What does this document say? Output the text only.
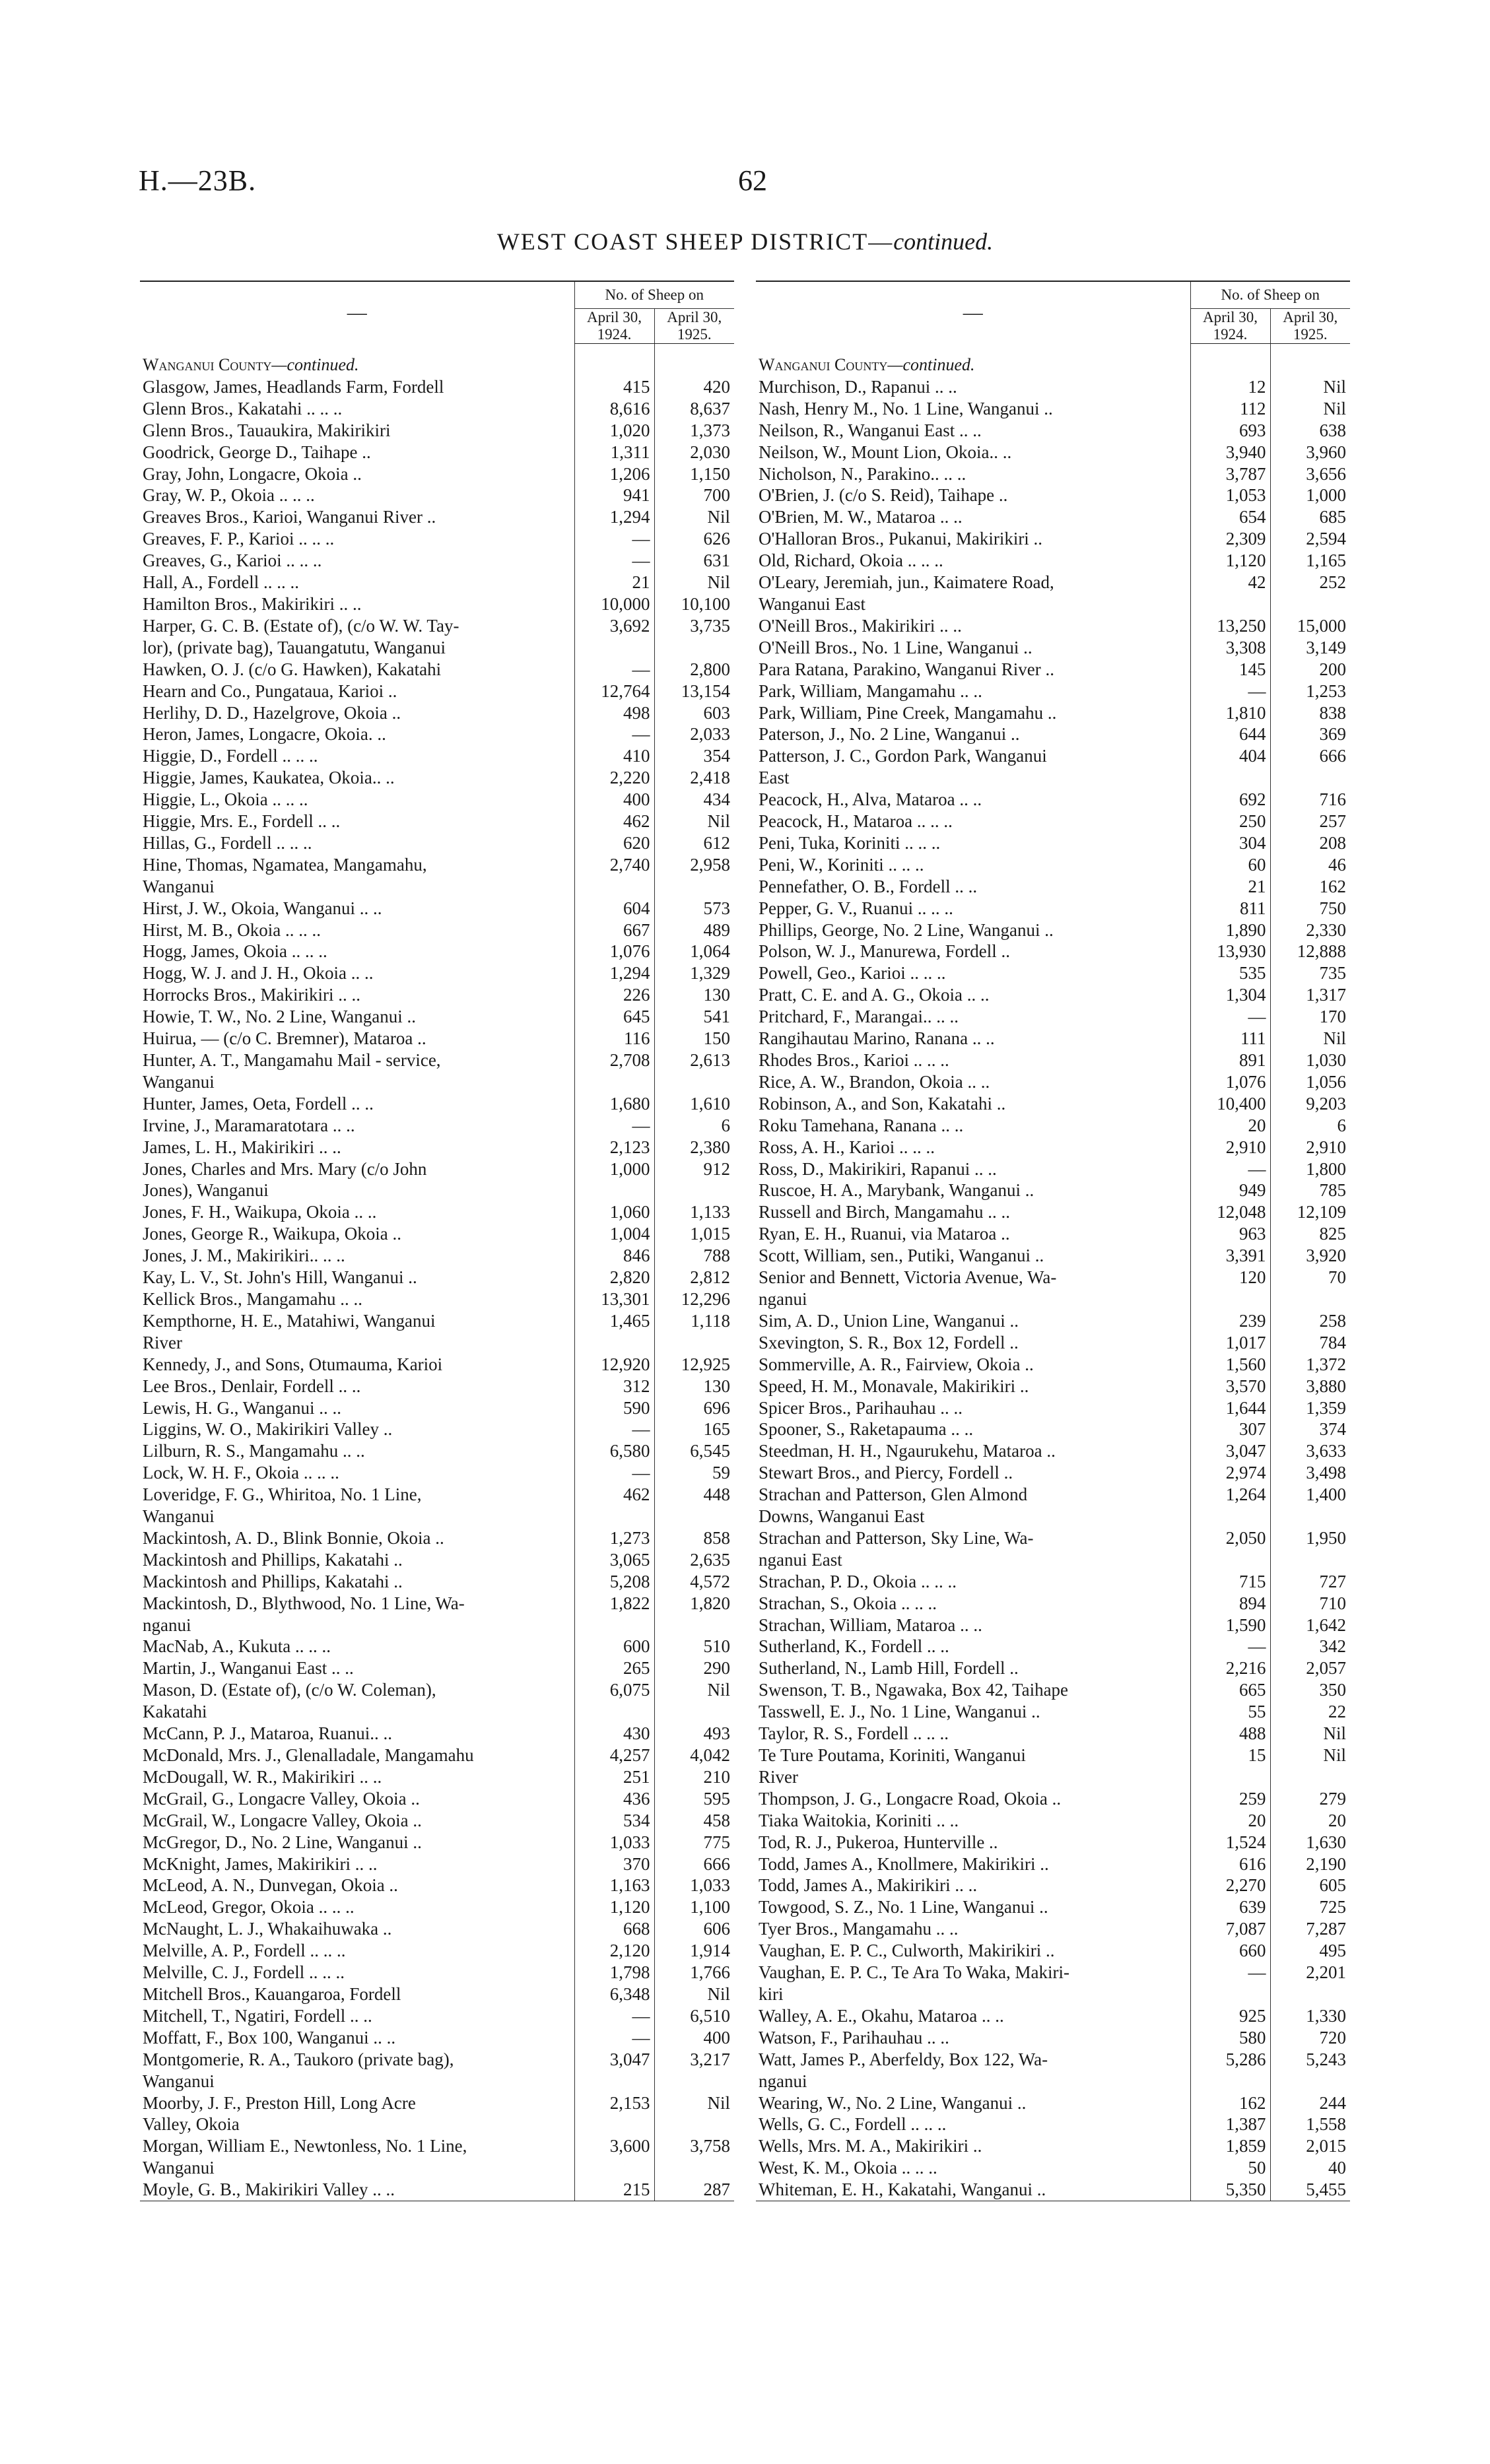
H.—23B.	62
WEST COAST SHEEP DISTRICT—continued.
—	No. of Sheep on	
	April 30, 1924.	April 30, 1925.

Wanganui County—continued.		
Glasgow, James, Headlands Farm, Fordell	415	420
Glenn Bros., Kakatahi .. .. ..	8,616	8,637
Glenn Bros., Tauaukira, Makirikiri	1,020	1,373
Goodrick, George D., Taihape ..	1,311	2,030
Gray, John, Longacre, Okoia ..	1,206	1,150
Gray, W. P., Okoia .. .. ..	941	700
Greaves Bros., Karioi, Wanganui River ..	1,294	Nil
Greaves, F. P., Karioi .. .. ..	—	626
Greaves, G., Karioi .. .. ..	—	631
Hall, A., Fordell .. .. ..	21	Nil
Hamilton Bros., Makirikiri .. ..	10,000	10,100
Harper, G. C. B. (Estate of), (c/o W. W. Tay-	3,692	3,735
lor), (private bag), Tauangatutu, Wanganui		
Hawken, O. J. (c/o G. Hawken), Kakatahi	—	2,800
Hearn and Co., Pungataua, Karioi ..	12,764	13,154
Herlihy, D. D., Hazelgrove, Okoia ..	498	603
Heron, James, Longacre, Okoia. ..	—	2,033
Higgie, D., Fordell .. .. ..	410	354
Higgie, James, Kaukatea, Okoia.. ..	2,220	2,418
Higgie, L., Okoia .. .. ..	400	434
Higgie, Mrs. E., Fordell .. ..	462	Nil
Hillas, G., Fordell .. .. ..	620	612
Hine, Thomas, Ngamatea, Mangamahu,	2,740	2,958
Wanganui		
Hirst, J. W., Okoia, Wanganui .. ..	604	573
Hirst, M. B., Okoia .. .. ..	667	489
Hogg, James, Okoia .. .. ..	1,076	1,064
Hogg, W. J. and J. H., Okoia .. ..	1,294	1,329
Horrocks Bros., Makirikiri .. ..	226	130
Howie, T. W., No. 2 Line, Wanganui ..	645	541
Huirua, — (c/o C. Bremner), Mataroa ..	116	150
Hunter, A. T., Mangamahu Mail - service,	2,708	2,613
Wanganui		
Hunter, James, Oeta, Fordell .. ..	1,680	1,610
Irvine, J., Maramaratotara .. ..	—	6
James, L. H., Makirikiri .. ..	2,123	2,380
Jones, Charles and Mrs. Mary (c/o John	1,000	912
Jones), Wanganui		
Jones, F. H., Waikupa, Okoia .. ..	1,060	1,133
Jones, George R., Waikupa, Okoia ..	1,004	1,015
Jones, J. M., Makirikiri.. .. ..	846	788
Kay, L. V., St. John's Hill, Wanganui ..	2,820	2,812
Kellick Bros., Mangamahu .. ..	13,301	12,296
Kempthorne, H. E., Matahiwi, Wanganui	1,465	1,118
River		
Kennedy, J., and Sons, Otumauma, Karioi	12,920	12,925
Lee Bros., Denlair, Fordell .. ..	312	130
Lewis, H. G., Wanganui .. ..	590	696
Liggins, W. O., Makirikiri Valley ..	—	165
Lilburn, R. S., Mangamahu .. ..	6,580	6,545
Lock, W. H. F., Okoia .. .. ..	—	59
Loveridge, F. G., Whiritoa, No. 1 Line,	462	448
Wanganui		
Mackintosh, A. D., Blink Bonnie, Okoia ..	1,273	858
Mackintosh and Phillips, Kakatahi ..	3,065	2,635
Mackintosh and Phillips, Kakatahi ..	5,208	4,572
Mackintosh, D., Blythwood, No. 1 Line, Wa-	1,822	1,820
nganui		
MacNab, A., Kukuta .. .. ..	600	510
Martin, J., Wanganui East .. ..	265	290
Mason, D. (Estate of), (c/o W. Coleman),	6,075	Nil
Kakatahi		
McCann, P. J., Mataroa, Ruanui.. ..	430	493
McDonald, Mrs. J., Glenalladale, Mangamahu	4,257	4,042
McDougall, W. R., Makirikiri .. ..	251	210
McGrail, G., Longacre Valley, Okoia ..	436	595
McGrail, W., Longacre Valley, Okoia ..	534	458
McGregor, D., No. 2 Line, Wanganui ..	1,033	775
McKnight, James, Makirikiri .. ..	370	666
McLeod, A. N., Dunvegan, Okoia ..	1,163	1,033
McLeod, Gregor, Okoia .. .. ..	1,120	1,100
McNaught, L. J., Whakaihuwaka ..	668	606
Melville, A. P., Fordell .. .. ..	2,120	1,914
Melville, C. J., Fordell .. .. ..	1,798	1,766
Mitchell Bros., Kauangaroa, Fordell	6,348	Nil
Mitchell, T., Ngatiri, Fordell .. ..	—	6,510
Moffatt, F., Box 100, Wanganui .. ..	—	400
Montgomerie, R. A., Taukoro (private bag),	3,047	3,217
Wanganui		
Moorby, J. F., Preston Hill, Long Acre	2,153	Nil
Valley, Okoia		
Morgan, William E., Newtonless, No. 1 Line,	3,600	3,758
Wanganui		
Moyle, G. B., Makirikiri Valley .. ..	215	287
—	No. of Sheep on	
	April 30, 1924.	April 30, 1925.

Wanganui County—continued.		
Murchison, D., Rapanui .. ..	12	Nil
Nash, Henry M., No. 1 Line, Wanganui ..	112	Nil
Neilson, R., Wanganui East .. ..	693	638
Neilson, W., Mount Lion, Okoia.. ..	3,940	3,960
Nicholson, N., Parakino.. .. ..	3,787	3,656
O'Brien, J. (c/o S. Reid), Taihape ..	1,053	1,000
O'Brien, M. W., Mataroa .. ..	654	685
O'Halloran Bros., Pukanui, Makirikiri ..	2,309	2,594
Old, Richard, Okoia .. .. ..	1,120	1,165
O'Leary, Jeremiah, jun., Kaimatere Road,	42	252
Wanganui East		
O'Neill Bros., Makirikiri .. ..	13,250	15,000
O'Neill Bros., No. 1 Line, Wanganui ..	3,308	3,149
Para Ratana, Parakino, Wanganui River ..	145	200
Park, William, Mangamahu .. ..	—	1,253
Park, William, Pine Creek, Mangamahu ..	1,810	838
Paterson, J., No. 2 Line, Wanganui ..	644	369
Patterson, J. C., Gordon Park, Wanganui	404	666
East		
Peacock, H., Alva, Mataroa .. ..	692	716
Peacock, H., Mataroa .. .. ..	250	257
Peni, Tuka, Koriniti .. .. ..	304	208
Peni, W., Koriniti .. .. ..	60	46
Pennefather, O. B., Fordell .. ..	21	162
Pepper, G. V., Ruanui .. .. ..	811	750
Phillips, George, No. 2 Line, Wanganui ..	1,890	2,330
Polson, W. J., Manurewa, Fordell ..	13,930	12,888
Powell, Geo., Karioi .. .. ..	535	735
Pratt, C. E. and A. G., Okoia .. ..	1,304	1,317
Pritchard, F., Marangai.. .. ..	—	170
Rangihautau Marino, Ranana .. ..	111	Nil
Rhodes Bros., Karioi .. .. ..	891	1,030
Rice, A. W., Brandon, Okoia .. ..	1,076	1,056
Robinson, A., and Son, Kakatahi ..	10,400	9,203
Roku Tamehana, Ranana .. ..	20	6
Ross, A. H., Karioi .. .. ..	2,910	2,910
Ross, D., Makirikiri, Rapanui .. ..	—	1,800
Ruscoe, H. A., Marybank, Wanganui ..	949	785
Russell and Birch, Mangamahu .. ..	12,048	12,109
Ryan, E. H., Ruanui, via Mataroa ..	963	825
Scott, William, sen., Putiki, Wanganui ..	3,391	3,920
Senior and Bennett, Victoria Avenue, Wa-	120	70
nganui		
Sim, A. D., Union Line, Wanganui ..	239	258
Sxevington, S. R., Box 12, Fordell ..	1,017	784
Sommerville, A. R., Fairview, Okoia ..	1,560	1,372
Speed, H. M., Monavale, Makirikiri ..	3,570	3,880
Spicer Bros., Parihauhau .. ..	1,644	1,359
Spooner, S., Raketapauma .. ..	307	374
Steedman, H. H., Ngaurukehu, Mataroa ..	3,047	3,633
Stewart Bros., and Piercy, Fordell ..	2,974	3,498
Strachan and Patterson, Glen Almond	1,264	1,400
Downs, Wanganui East		
Strachan and Patterson, Sky Line, Wa-	2,050	1,950
nganui East		
Strachan, P. D., Okoia .. .. ..	715	727
Strachan, S., Okoia .. .. ..	894	710
Strachan, William, Mataroa .. ..	1,590	1,642
Sutherland, K., Fordell .. ..	—	342
Sutherland, N., Lamb Hill, Fordell ..	2,216	2,057
Swenson, T. B., Ngawaka, Box 42, Taihape	665	350
Tasswell, E. J., No. 1 Line, Wanganui ..	55	22
Taylor, R. S., Fordell .. .. ..	488	Nil
Te Ture Poutama, Koriniti, Wanganui	15	Nil
River		
Thompson, J. G., Longacre Road, Okoia ..	259	279
Tiaka Waitokia, Koriniti .. ..	20	20
Tod, R. J., Pukeroa, Hunterville ..	1,524	1,630
Todd, James A., Knollmere, Makirikiri ..	616	2,190
Todd, James A., Makirikiri .. ..	2,270	605
Towgood, S. Z., No. 1 Line, Wanganui ..	639	725
Tyer Bros., Mangamahu .. ..	7,087	7,287
Vaughan, E. P. C., Culworth, Makirikiri ..	660	495
Vaughan, E. P. C., Te Ara To Waka, Makiri-	—	2,201
kiri		
Walley, A. E., Okahu, Mataroa .. ..	925	1,330
Watson, F., Parihauhau .. ..	580	720
Watt, James P., Aberfeldy, Box 122, Wa-	5,286	5,243
nganui		
Wearing, W., No. 2 Line, Wanganui ..	162	244
Wells, G. C., Fordell .. .. ..	1,387	1,558
Wells, Mrs. M. A., Makirikiri ..	1,859	2,015
West, K. M., Okoia .. .. ..	50	40
Whiteman, E. H., Kakatahi, Wanganui ..	5,350	5,455
